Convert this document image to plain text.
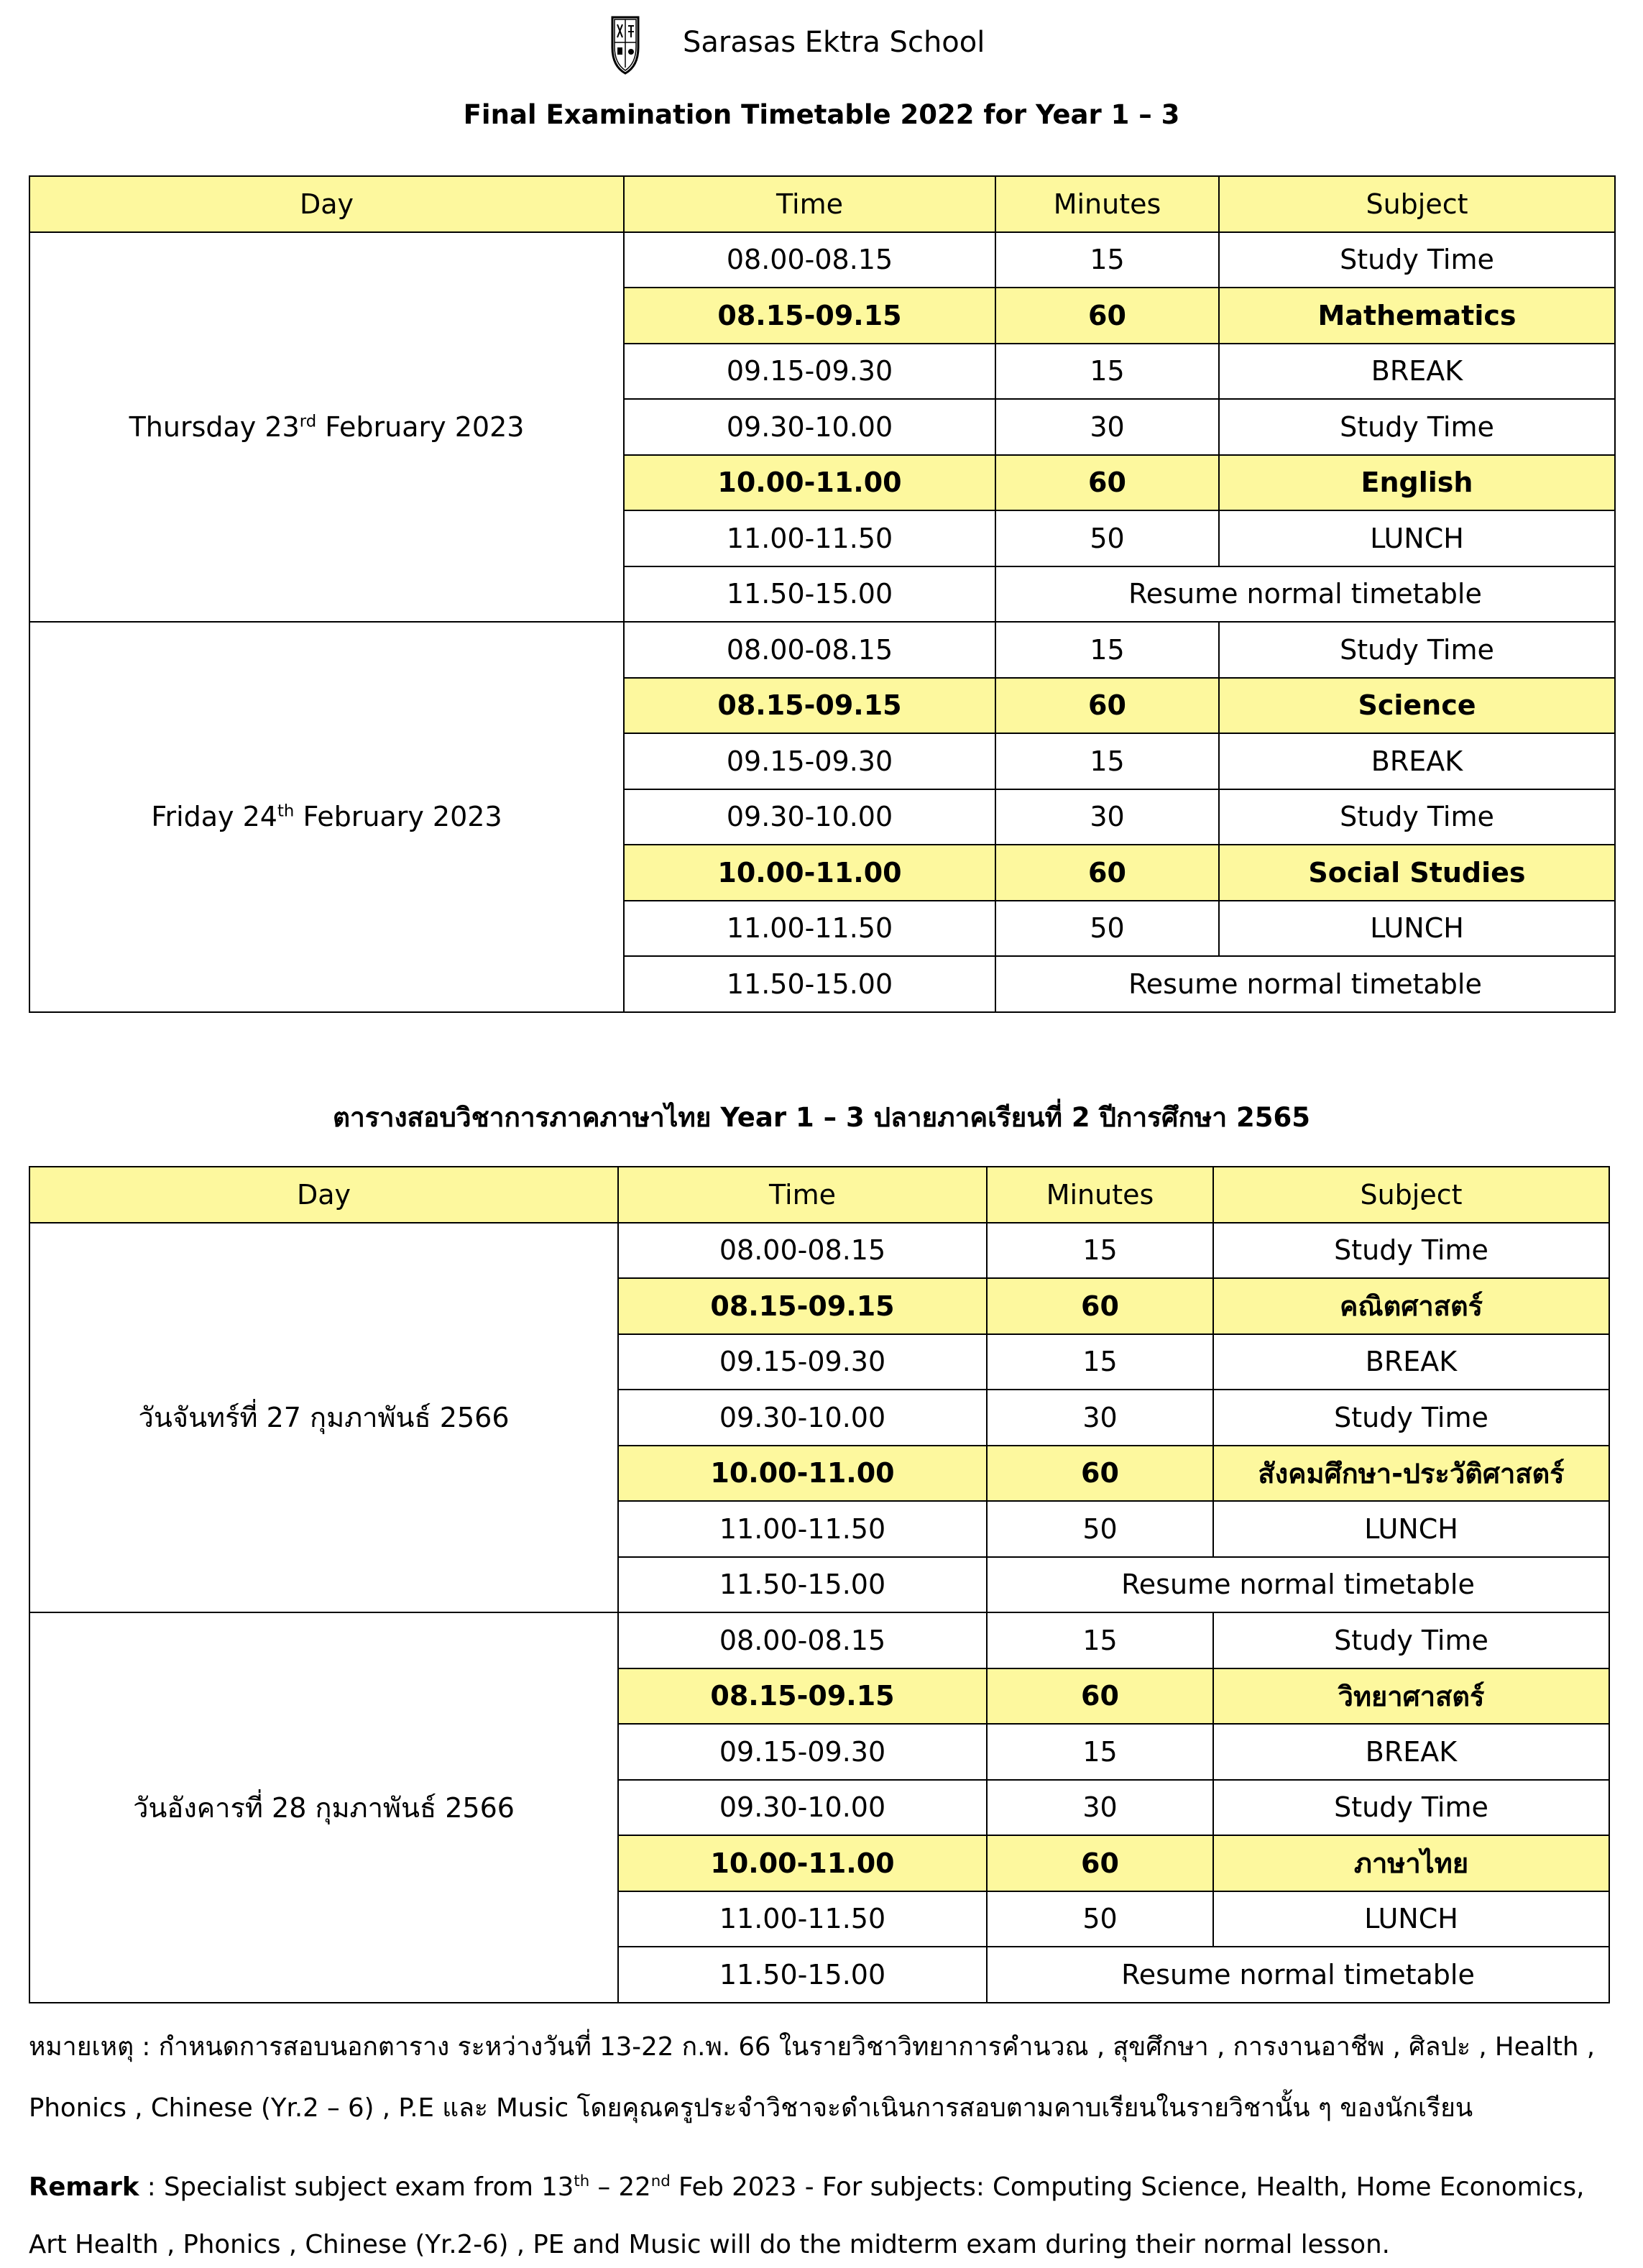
Sarasas Ektra School
Final Examination Timetable 2022 for Year 1 – 3
Day	Time	Minutes	Subject
Thursday 23rd February 2023	08.00-08.15	15	Study Time
	08.15-09.15	60	Mathematics
	09.15-09.30	15	BREAK
	09.30-10.00	30	Study Time
	10.00-11.00	60	English
	11.00-11.50	50	LUNCH
	11.50-15.00	Resume normal timetable	
Friday 24th February 2023	08.00-08.15	15	Study Time
	08.15-09.15	60	Science
	09.15-09.30	15	BREAK
	09.30-10.00	30	Study Time
	10.00-11.00	60	Social Studies
	11.00-11.50	50	LUNCH
	11.50-15.00	Resume normal timetable	
ตารางสอบวิชาการภาคภาษาไทย Year 1 – 3 ปลายภาคเรียนที่ 2 ปีการศึกษา 2565
Day	Time	Minutes	Subject
วันจันทร์ที่ 27 กุมภาพันธ์ 2566	08.00-08.15	15	Study Time
	08.15-09.15	60	คณิตศาสตร์
	09.15-09.30	15	BREAK
	09.30-10.00	30	Study Time
	10.00-11.00	60	สังคมศึกษา-ประวัติศาสตร์
	11.00-11.50	50	LUNCH
	11.50-15.00	Resume normal timetable	
วันอังคารที่ 28 กุมภาพันธ์ 2566	08.00-08.15	15	Study Time
	08.15-09.15	60	วิทยาศาสตร์
	09.15-09.30	15	BREAK
	09.30-10.00	30	Study Time
	10.00-11.00	60	ภาษาไทย
	11.00-11.50	50	LUNCH
	11.50-15.00	Resume normal timetable	
หมายเหตุ : กำหนดการสอบนอกตาราง ระหว่างวันที่ 13-22 ก.พ. 66 ในรายวิชาวิทยาการคำนวณ , สุขศึกษา , การงานอาชีพ , ศิลปะ , Health ,
Phonics , Chinese (Yr.2 – 6) , P.E และ Music โดยคุณครูประจำวิชาจะดำเนินการสอบตามคาบเรียนในรายวิชานั้น ๆ ของนักเรียน
Remark : Specialist subject exam from 13th – 22nd Feb 2023 - For subjects: Computing Science, Health, Home Economics,
Art Health , Phonics , Chinese (Yr.2-6) , PE and Music will do the midterm exam during their normal lesson.
